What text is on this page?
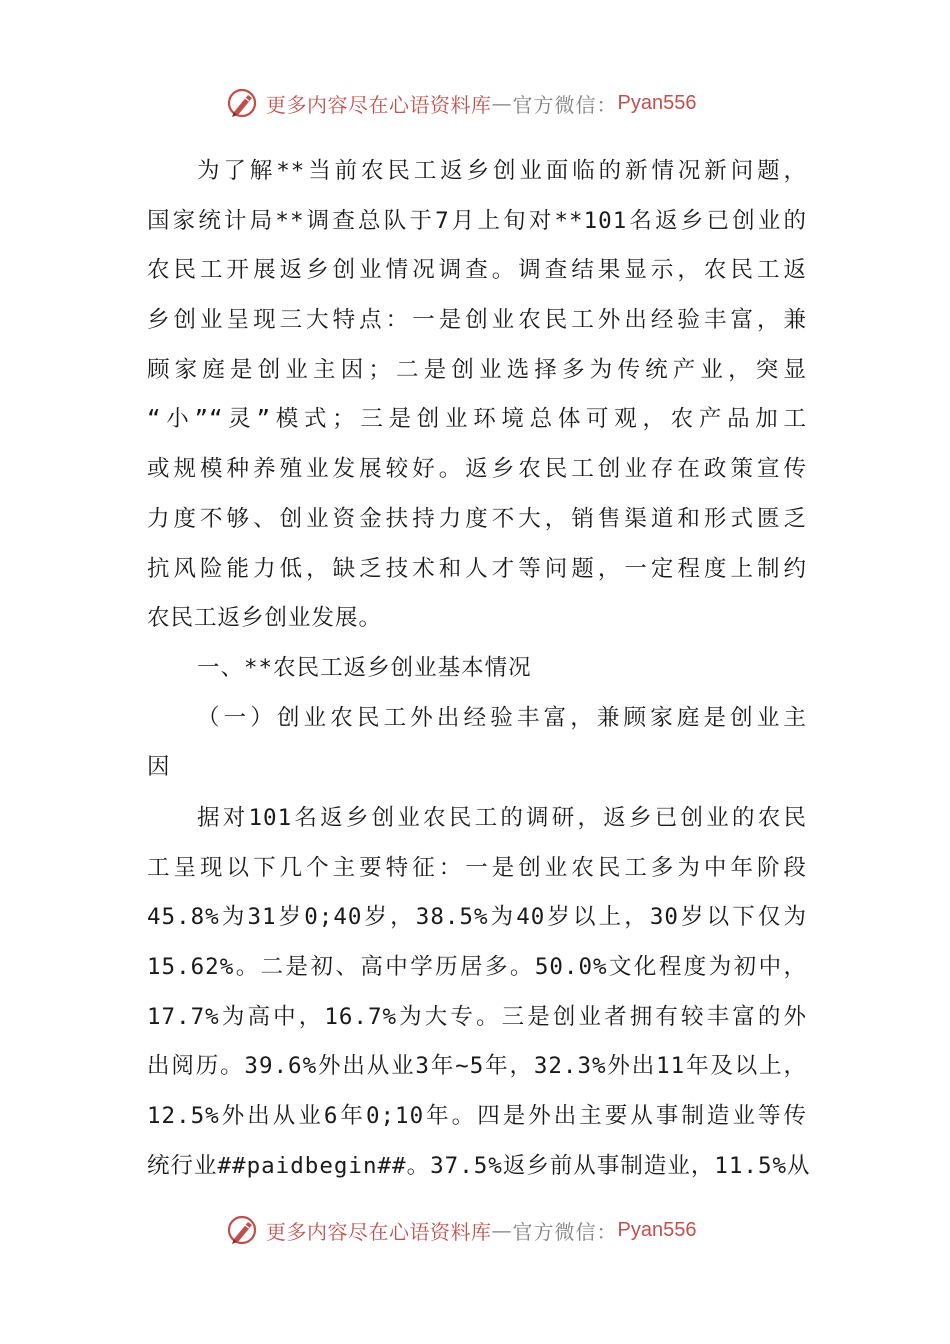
更多内容尽在心语资料库 — 官方微信： Pyan556
为了解**当前农民工返乡创业面临的新情况新问题，
国家统计局**调查总队于7月上旬对**101名返乡已创业的
农民工开展返乡创业情况调查。调查结果显示，农民工返
乡创业呈现三大特点：一是创业农民工外出经验丰富，兼
顾家庭是创业主因；二是创业选择多为传统产业，突显
“小”“灵”模式；三是创业环境总体可观，农产品加工
或规模种养殖业发展较好。返乡农民工创业存在政策宣传
力度不够、创业资金扶持力度不大，销售渠道和形式匮乏
抗风险能力低，缺乏技术和人才等问题，一定程度上制约
农民工返乡创业发展。
一、**农民工返乡创业基本情况
（一）创业农民工外出经验丰富，兼顾家庭是创业主
因
据对101名返乡创业农民工的调研，返乡已创业的农民
工呈现以下几个主要特征：一是创业农民工多为中年阶段
45.8%为31岁0;40岁，38.5%为40岁以上，30岁以下仅为
15.62%。二是初、高中学历居多。50.0%文化程度为初中，
17.7%为高中，16.7%为大专。三是创业者拥有较丰富的外
出阅历。39.6%外出从业3年~5年，32.3%外出11年及以上，
12.5%外出从业6年0;10年。四是外出主要从事制造业等传
统行业##paidbegin##。37.5%返乡前从事制造业，11.5%从
更多内容尽在心语资料库 — 官方微信： Pyan556
